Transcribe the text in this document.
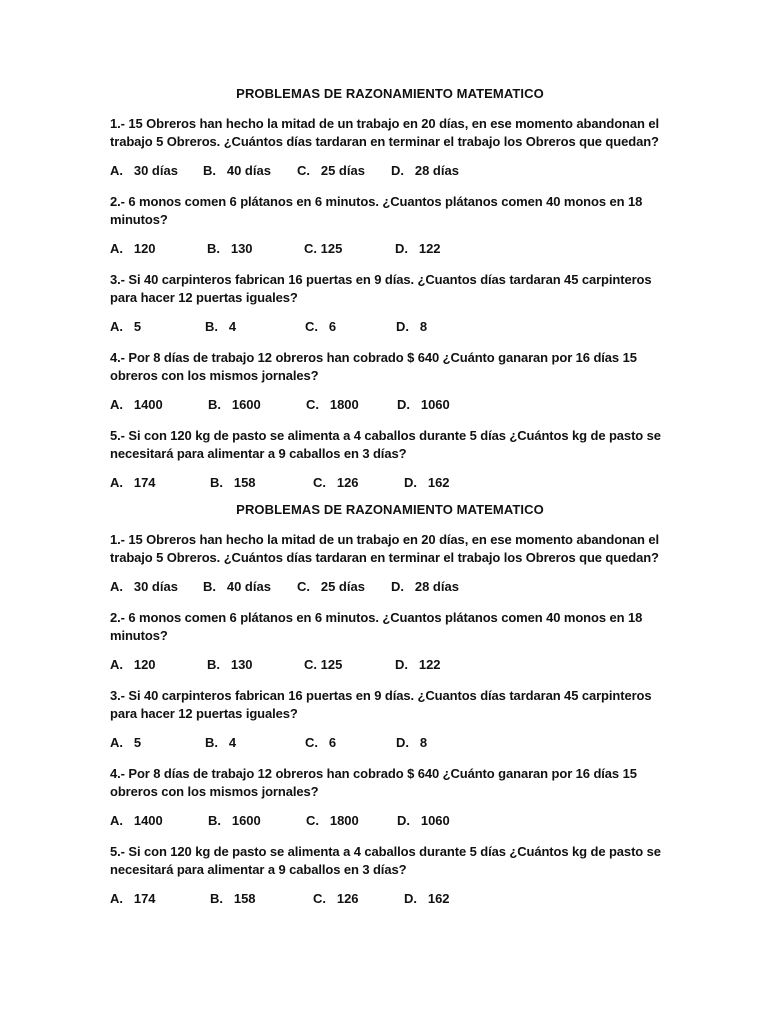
PROBLEMAS DE RAZONAMIENTO MATEMATICO
1.- 15 Obreros han hecho la mitad de un trabajo en 20 días, en ese momento abandonan el trabajo 5 Obreros. ¿Cuántos días tardaran en terminar el trabajo los Obreros que quedan?
A.   30 días	B.   40 días	C.   25 días	D.   28 días
2.- 6 monos comen 6 plátanos en 6 minutos. ¿Cuantos plátanos comen 40 monos en 18 minutos?
A.   120	B.   130	C. 125	D.   122
3.- Si 40 carpinteros fabrican 16 puertas en 9 días. ¿Cuantos días tardaran 45 carpinteros para hacer 12 puertas iguales?
A.   5	B.   4	C.   6	D.   8
4.- Por 8 días de trabajo 12 obreros han cobrado $ 640 ¿Cuánto ganaran por 16 días 15 obreros con los mismos jornales?
A.   1400	B.   1600	C.   1800	D.   1060
5.- Si con 120 kg de pasto se alimenta a 4 caballos durante 5 días ¿Cuántos kg de pasto se necesitará para alimentar a 9 caballos en 3 días?
A.   174	B.   158	C.   126	D.   162
PROBLEMAS DE RAZONAMIENTO MATEMATICO
1.- 15 Obreros han hecho la mitad de un trabajo en 20 días, en ese momento abandonan el trabajo 5 Obreros. ¿Cuántos días tardaran en terminar el trabajo los Obreros que quedan?
A.   30 días	B.   40 días	C.   25 días	D.   28 días
2.- 6 monos comen 6 plátanos en 6 minutos. ¿Cuantos plátanos comen 40 monos en 18 minutos?
A.   120	B.   130	C. 125	D.   122
3.- Si 40 carpinteros fabrican 16 puertas en 9 días. ¿Cuantos días tardaran 45 carpinteros para hacer 12 puertas iguales?
A.   5	B.   4	C.   6	D.   8
4.- Por 8 días de trabajo 12 obreros han cobrado $ 640 ¿Cuánto ganaran por 16 días 15 obreros con los mismos jornales?
A.   1400	B.   1600	C.   1800	D.   1060
5.- Si con 120 kg de pasto se alimenta a 4 caballos durante 5 días ¿Cuántos kg de pasto se necesitará para alimentar a 9 caballos en 3 días?
A.   174	B.   158	C.   126	D.   162
